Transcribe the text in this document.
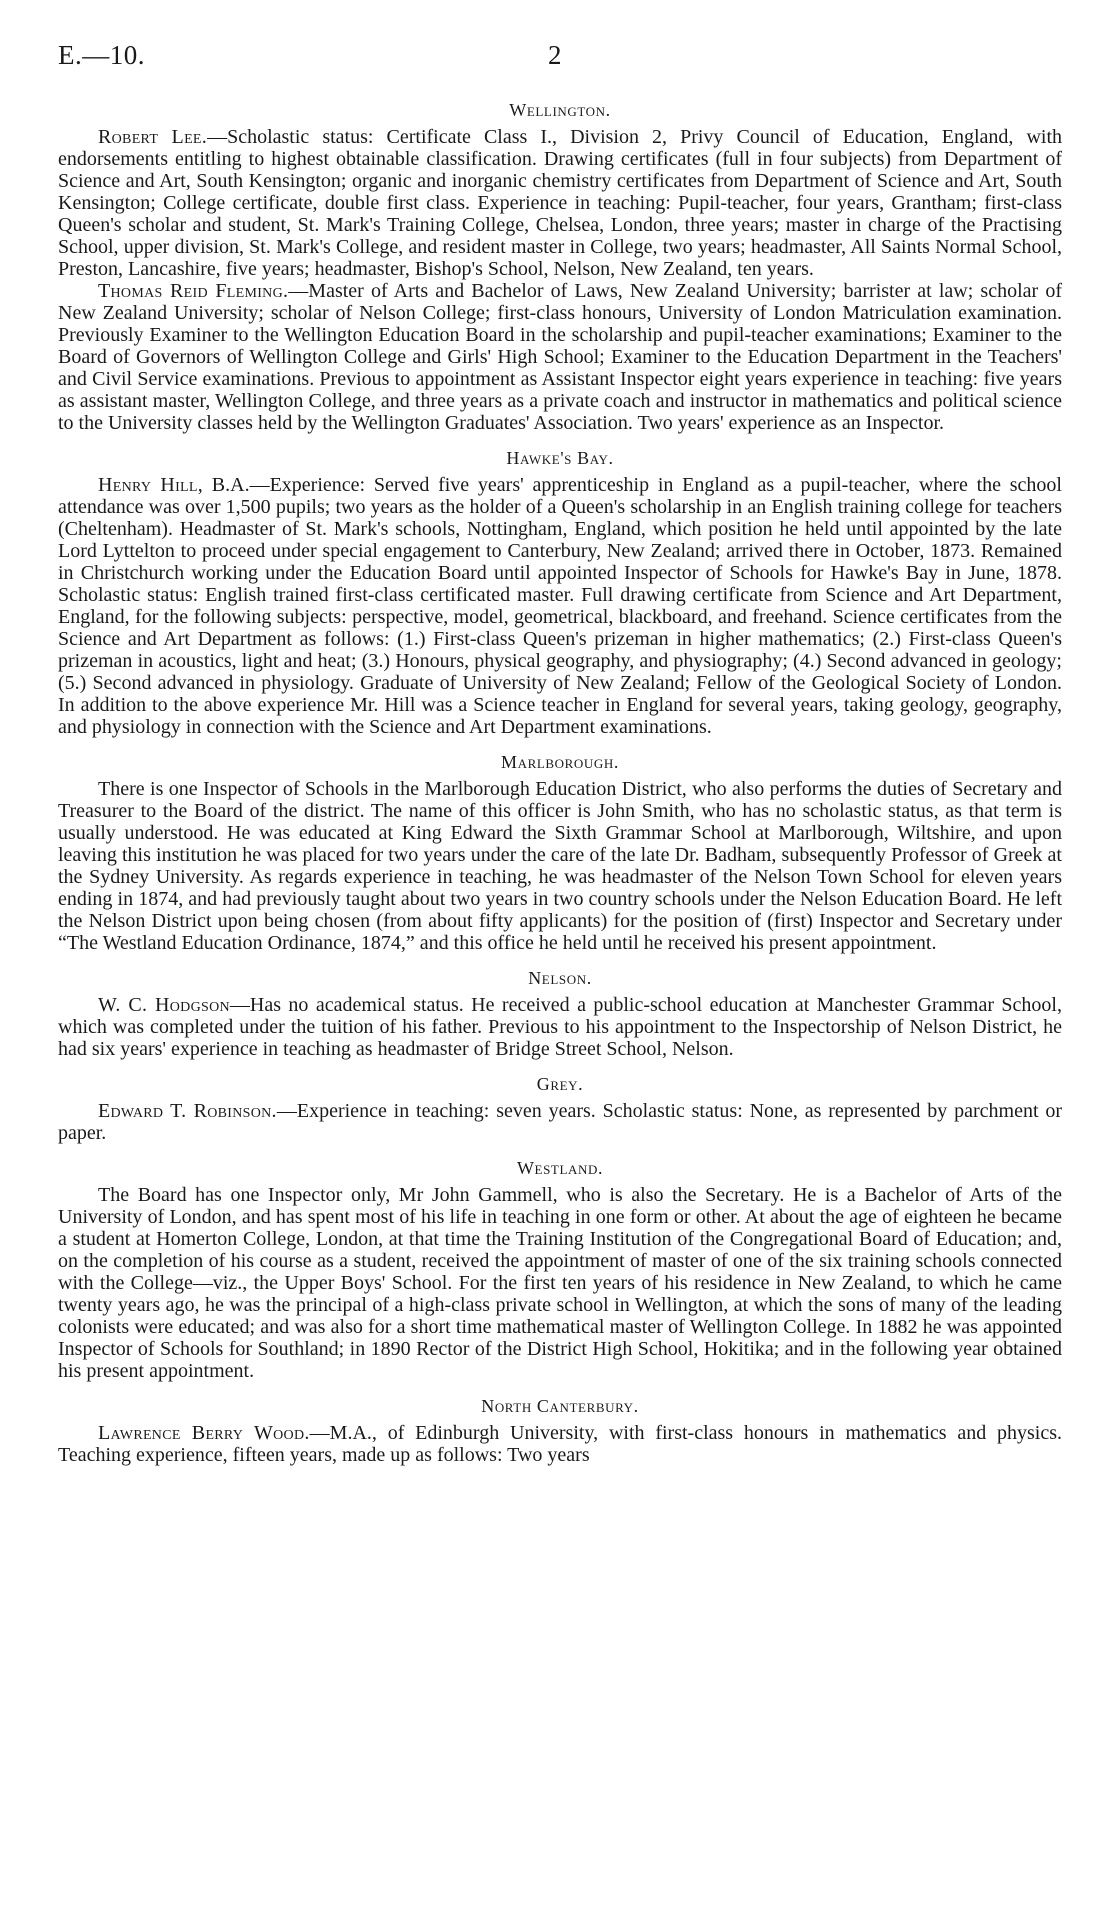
E.—10.	2
Wellington.

Robert Lee.—Scholastic status: Certificate Class I., Division 2, Privy Council of Education, England, with endorsements entitling to highest obtainable classification. Drawing certificates (full in four subjects) from Department of Science and Art, South Kensington; organic and inorganic chemistry certificates from Department of Science and Art, South Kensington; College certificate, double first class. Experience in teaching: Pupil-teacher, four years, Grantham; first-class Queen's scholar and student, St. Mark's Training College, Chelsea, London, three years; master in charge of the Practising School, upper division, St. Mark's College, and resident master in College, two years; headmaster, All Saints Normal School, Preston, Lancashire, five years; headmaster, Bishop's School, Nelson, New Zealand, ten years.

Thomas Reid Fleming.—Master of Arts and Bachelor of Laws, New Zealand University; barrister at law; scholar of New Zealand University; scholar of Nelson College; first-class honours, University of London Matriculation examination. Previously Examiner to the Wellington Education Board in the scholarship and pupil-teacher examinations; Examiner to the Board of Governors of Wellington College and Girls' High School; Examiner to the Education Department in the Teachers' and Civil Service examinations. Previous to appointment as Assistant Inspector eight years experience in teaching: five years as assistant master, Wellington College, and three years as a private coach and instructor in mathematics and political science to the University classes held by the Wellington Graduates' Association. Two years' experience as an Inspector.

Hawke's Bay.

Henry Hill, B.A.—Experience: Served five years' apprenticeship in England as a pupil-teacher, where the school attendance was over 1,500 pupils; two years as the holder of a Queen's scholarship in an English training college for teachers (Cheltenham). Headmaster of St. Mark's schools, Nottingham, England, which position he held until appointed by the late Lord Lyttelton to proceed under special engagement to Canterbury, New Zealand; arrived there in October, 1873. Remained in Christchurch working under the Education Board until appointed Inspector of Schools for Hawke's Bay in June, 1878. Scholastic status: English trained first-class certificated master. Full drawing certificate from Science and Art Department, England, for the following subjects: perspective, model, geometrical, blackboard, and freehand. Science certificates from the Science and Art Department as follows: (1.) First-class Queen's prizeman in higher mathematics; (2.) First-class Queen's prizeman in acoustics, light and heat; (3.) Honours, physical geography, and physiography; (4.) Second advanced in geology; (5.) Second advanced in physiology. Graduate of University of New Zealand; Fellow of the Geological Society of London. In addition to the above experience Mr. Hill was a Science teacher in England for several years, taking geology, geography, and physiology in connection with the Science and Art Department examinations.

Marlborough.

There is one Inspector of Schools in the Marlborough Education District, who also performs the duties of Secretary and Treasurer to the Board of the district. The name of this officer is John Smith, who has no scholastic status, as that term is usually understood. He was educated at King Edward the Sixth Grammar School at Marlborough, Wiltshire, and upon leaving this institution he was placed for two years under the care of the late Dr. Badham, subsequently Professor of Greek at the Sydney University. As regards experience in teaching, he was headmaster of the Nelson Town School for eleven years ending in 1874, and had previously taught about two years in two country schools under the Nelson Education Board. He left the Nelson District upon being chosen (from about fifty applicants) for the position of (first) Inspector and Secretary under “The Westland Education Ordinance, 1874,” and this office he held until he received his present appointment.

Nelson.

W. C. Hodgson—Has no academical status. He received a public-school education at Manchester Grammar School, which was completed under the tuition of his father. Previous to his appointment to the Inspectorship of Nelson District, he had six years' experience in teaching as headmaster of Bridge Street School, Nelson.

Grey.

Edward T. Robinson.—Experience in teaching: seven years. Scholastic status: None, as represented by parchment or paper.

Westland.

The Board has one Inspector only, Mr John Gammell, who is also the Secretary. He is a Bachelor of Arts of the University of London, and has spent most of his life in teaching in one form or other. At about the age of eighteen he became a student at Homerton College, London, at that time the Training Institution of the Congregational Board of Education; and, on the completion of his course as a student, received the appointment of master of one of the six training schools connected with the College—viz., the Upper Boys' School. For the first ten years of his residence in New Zealand, to which he came twenty years ago, he was the principal of a high-class private school in Wellington, at which the sons of many of the leading colonists were educated; and was also for a short time mathematical master of Wellington College. In 1882 he was appointed Inspector of Schools for Southland; in 1890 Rector of the District High School, Hokitika; and in the following year obtained his present appointment.

North Canterbury.

Lawrence Berry Wood.—M.A., of Edinburgh University, with first-class honours in mathematics and physics. Teaching experience, fifteen years, made up as follows: Two years
